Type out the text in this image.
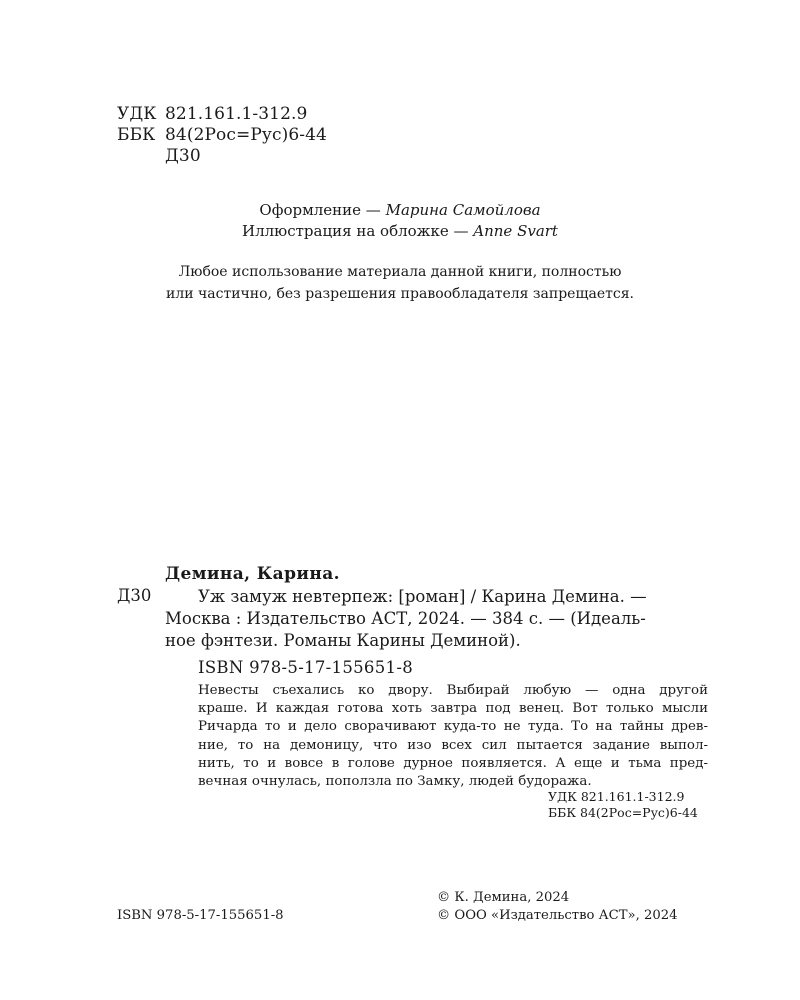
УДК 821.161.1-312.9
ББК 84(2Рос=Рус)6-44
Д30
Оформление — Марина Самойлова
Иллюстрация на обложке — Anne Svart
Любое использование материала данной книги, полностью
или частично, без разрешения правообладателя запрещается.
Демина, Карина.
Д30	Уж замуж невтерпеж: [роман] / Карина Демина. —
Москва : Издательство АСТ, 2024. — 384 с. — (Идеаль-
ное фэнтези. Романы Карины Деминой).
ISBN 978-5-17-155651-8
Невесты съехались ко двору. Выбирай любую — одна другой
краше. И каждая готова хоть завтра под венец. Вот только мысли
Ричарда то и дело сворачивают куда-то не туда. То на тайны древ-
ние, то на демоницу, что изо всех сил пытается задание выпол-
нить, то и вовсе в голове дурное появляется. А еще и тьма пред-
вечная очнулась, поползла по Замку, людей будоража.
УДК 821.161.1-312.9
ББК 84(2Рос=Рус)6-44
ISBN 978-5-17-155651-8
© К. Демина, 2024
© ООО «Издательство АСТ», 2024
